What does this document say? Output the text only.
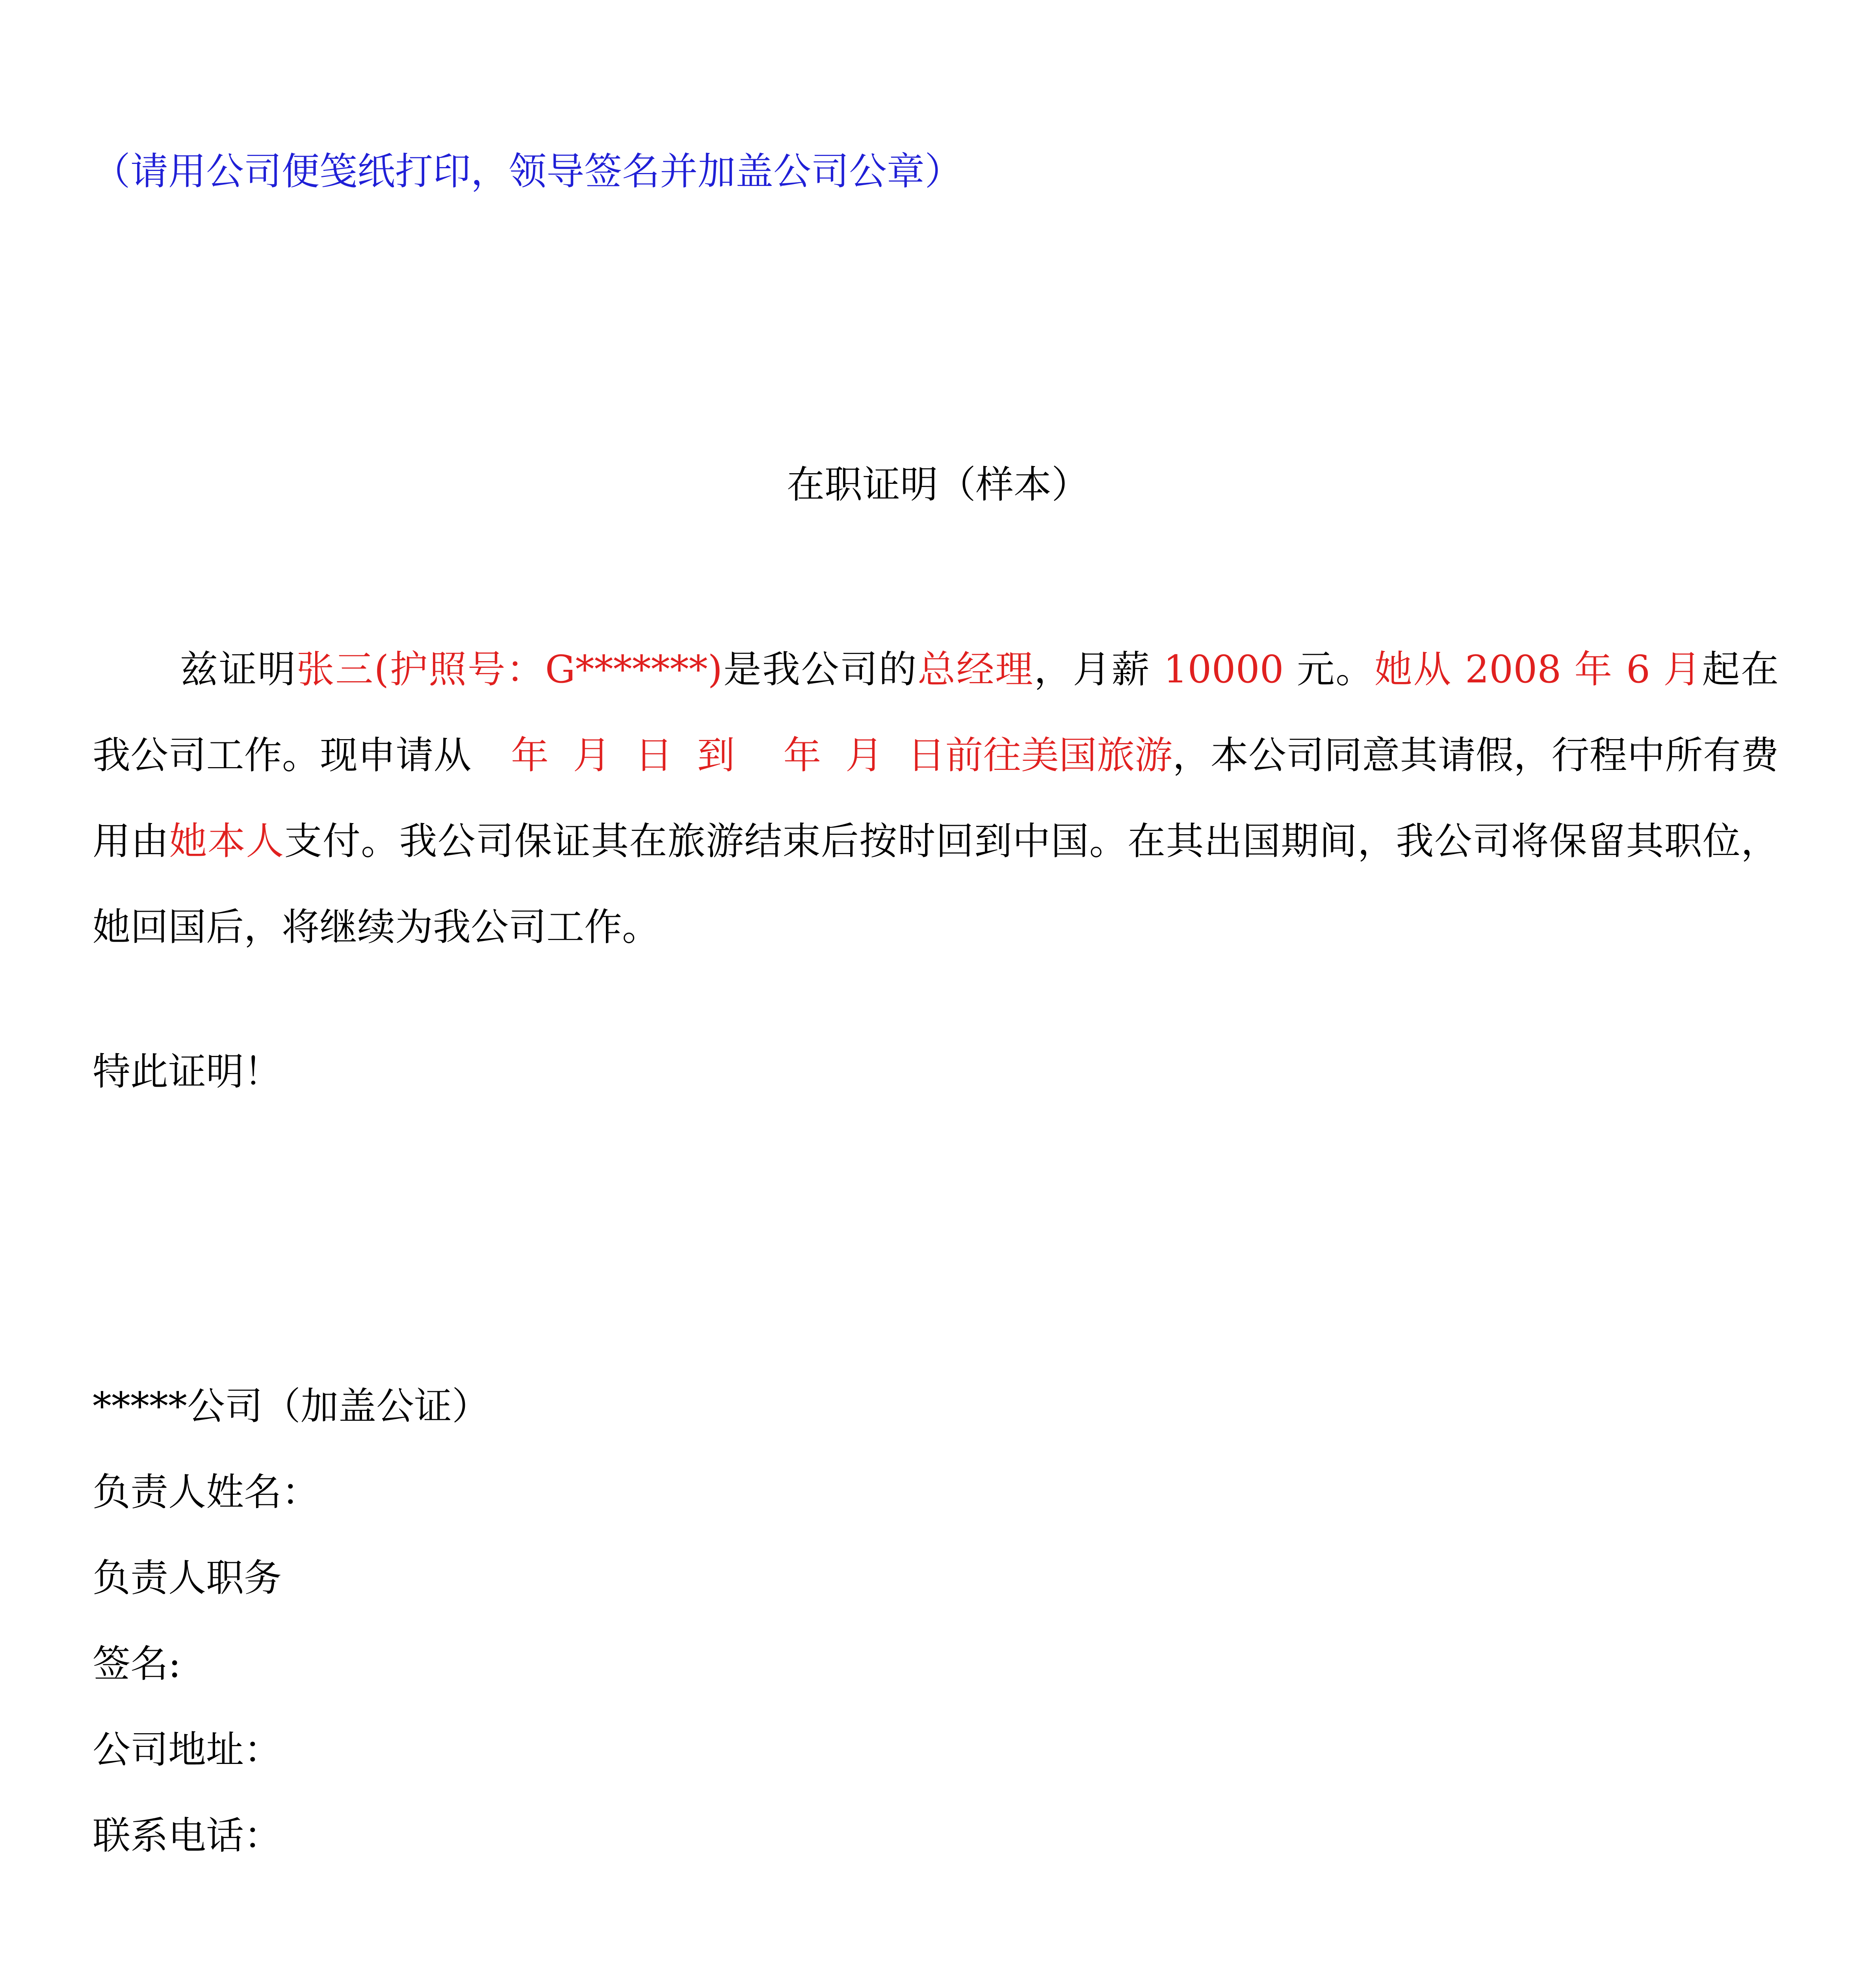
（请用公司便笺纸打印，领导签名并加盖公司公章）
在职证明（样本）
兹证明张三(护照号：G*******)是我公司的总经理，月薪 10000 元。她从 2008 年 6 月起在我公司工作。现申请从 年  月  日  到    年  月  日前往美国旅游，本公司同意其请假，行程中所有费用由她本人支付。我公司保证其在旅游结束后按时回到中国。在其出国期间，我公司将保留其职位，她回国后，将继续为我公司工作。
特此证明！
*****公司（加盖公证）
负责人姓名：
负责人职务
签名:
公司地址：
联系电话：
